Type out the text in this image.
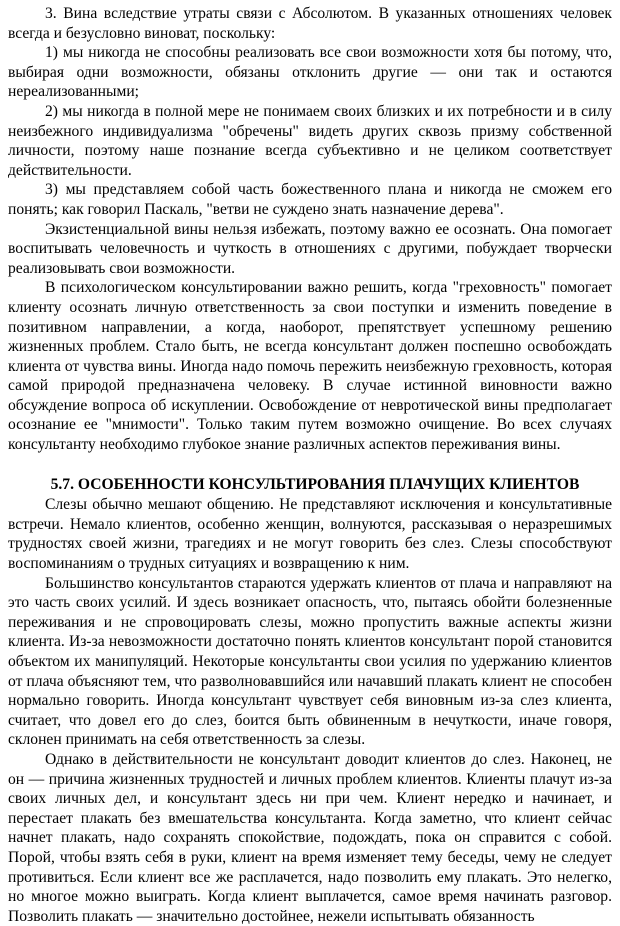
3. Вина вследствие утраты связи с Абсолютом. В указанных отношениях человек всегда и безусловно виноват, поскольку:

1) мы никогда не способны реализовать все свои возможности хотя бы потому, что, выбирая одни возможности, обязаны отклонить другие — они так и остаются нереализованными;

2) мы никогда в полной мере не понимаем своих близких и их потребности и в силу неизбежного индивидуализма "обречены" видеть других сквозь призму собственной личности, поэтому наше познание всегда субъективно и не целиком соответствует действительности.

3) мы представляем собой часть божественного плана и никогда не сможем его понять; как говорил Паскаль, "ветви не суждено знать назначение дерева".

Экзистенциальной вины нельзя избежать, поэтому важно ее осознать. Она помогает воспитывать человечность и чуткость в отношениях с другими, побуждает творчески реализовывать свои возможности.

В психологическом консультировании важно решить, когда "греховность" помогает клиенту осознать личную ответственность за свои поступки и изменить поведение в позитивном направлении, а когда, наоборот, препятствует успешному решению жизненных проблем. Стало быть, не всегда консультант должен поспешно освобождать клиента от чувства вины. Иногда надо помочь пережить неизбежную греховность, которая самой природой предназначена человеку. В случае истинной виновности важно обсуждение вопроса об искуплении. Освобождение от невротической вины предполагает осознание ее "мнимости". Только таким путем возможно очищение. Во всех случаях консультанту необходимо глубокое знание различных аспектов переживания вины.

5.7. ОСОБЕННОСТИ КОНСУЛЬТИРОВАНИЯ ПЛАЧУЩИХ КЛИЕНТОВ

Слезы обычно мешают общению. Не представляют исключения и консультативные встречи. Немало клиентов, особенно женщин, волнуются, рассказывая о неразрешимых трудностях своей жизни, трагедиях и не могут говорить без слез. Слезы способствуют воспоминаниям о трудных ситуациях и возвращению к ним.

Большинство консультантов стараются удержать клиентов от плача и направляют на это часть своих усилий. И здесь возникает опасность, что, пытаясь обойти болезненные переживания и не спровоцировать слезы, можно пропустить важные аспекты жизни клиента. Из-за невозможности достаточно понять клиентов консультант порой становится объектом их манипуляций. Некоторые консультанты свои усилия по удержанию клиентов от плача объясняют тем, что разволновавшийся или начавший плакать клиент не способен нормально говорить. Иногда консультант чувствует себя виновным из-за слез клиента, считает, что довел его до слез, боится быть обвиненным в нечуткости, иначе говоря, склонен принимать на себя ответственность за слезы.

Однако в действительности не консультант доводит клиентов до слез. Наконец, не он — причина жизненных трудностей и личных проблем клиентов. Клиенты плачут из-за своих личных дел, и консультант здесь ни при чем. Клиент нередко и начинает, и перестает плакать без вмешательства консультанта. Когда заметно, что клиент сейчас начнет плакать, надо сохранять спокойствие, подождать, пока он справится с собой. Порой, чтобы взять себя в руки, клиент на время изменяет тему беседы, чему не следует противиться. Если клиент все же расплачется, надо позволить ему плакать. Это нелегко, но многое можно выиграть. Когда клиент выплачется, самое время начинать разговор. Позволить плакать — значительно достойнее, нежели испытывать обязанность
